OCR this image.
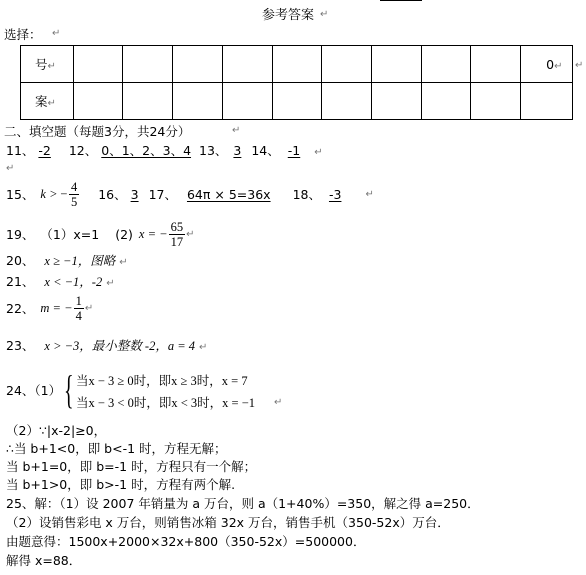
参考答案 ↵
选择： ↵
号↵										0↵
案↵										
↵
二、填空题（每题3分，共24分）	↵
11、 -2 12、 0、1、2、3、4 13、 3 14、 -1 ↵
↵
15、 k > − $\frac{4}{5} 16$、 3 17、 64π × 5=36x	18、 -3	↵
19、 （1）x=1 (2) x = − $\frac{65}{17}$ ↵
20、 x ≥ −1，图略 ↵
21、 x < −1，-2 ↵
22、 m = − $\frac{1}{4}$ ↵
23、 x > −3，最小整数 -2，a = 4 ↵
24、（1） { 当x − 3 ≥ 0时，即x ≥ 3时，x = 7
当x − 3 < 0时，即x < 3时，x = −1 ↵
（2）∵|x-2|≥0，
∴当 b+1<0，即 b<-1 时，方程无解；
当 b+1=0，即 b=-1 时，方程只有一个解；
当 b+1>0，即 b>-1 时，方程有两个解.
25、解：（1）设 2007 年销量为 a 万台，则 a（1+40%）=350，解之得 a=250．
（2）设销售彩电 x 万台，则销售冰箱 32x 万台，销售手机（350-52x）万台．
由题意得：1500x+2000×32x+800（350-52x）=500000．
解得 x=88．
